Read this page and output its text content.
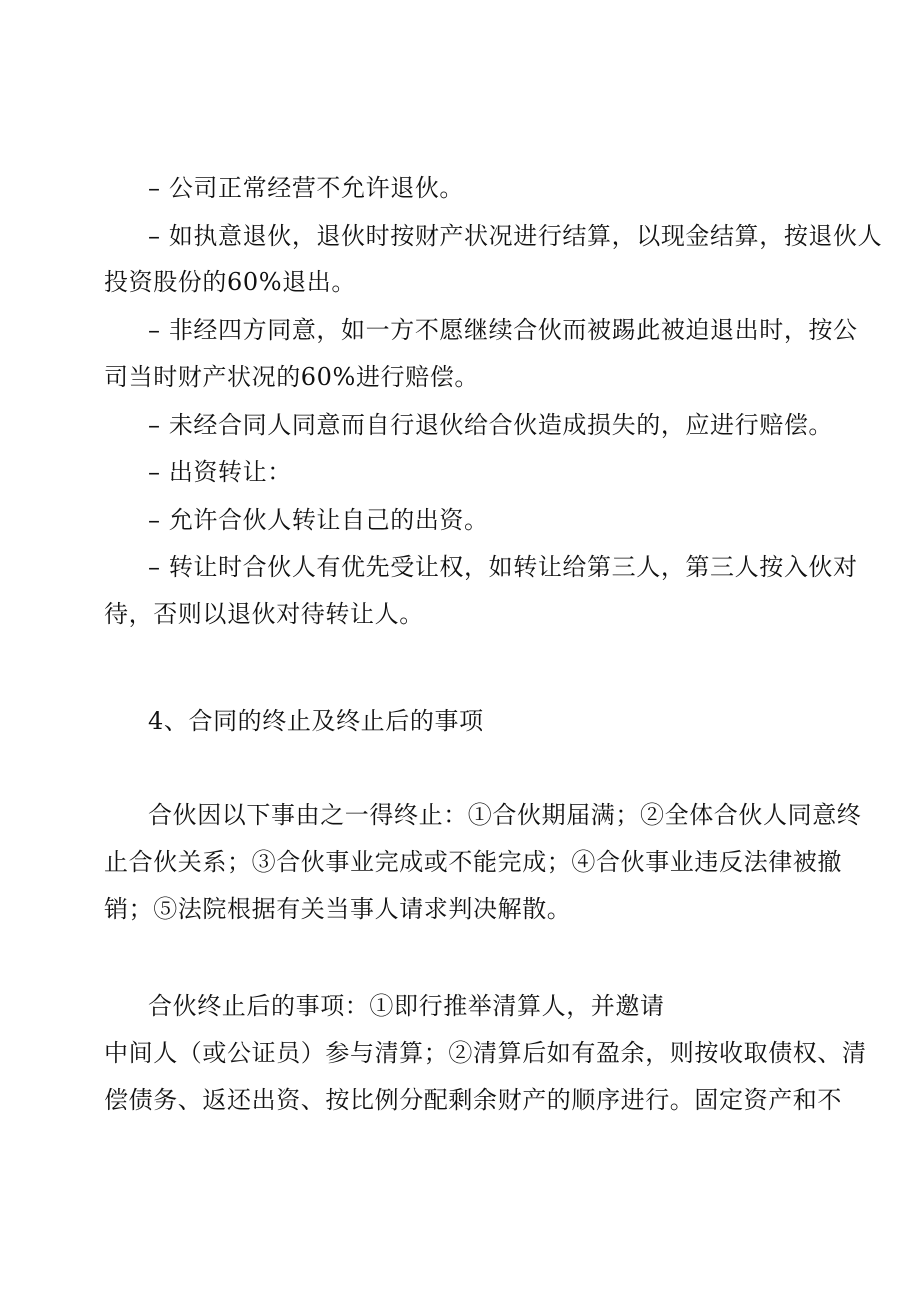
– 公司正常经营不允许退伙。
– 如执意退伙，退伙时按财产状况进行结算，以现金结算，按退伙人
投资股份的60%退出。
– 非经四方同意，如一方不愿继续合伙而被踢此被迫退出时，按公
司当时财产状况的60%进行赔偿。
– 未经合同人同意而自行退伙给合伙造成损失的，应进行赔偿。
– 出资转让：
– 允许合伙人转让自己的出资。
– 转让时合伙人有优先受让权，如转让给第三人，第三人按入伙对
待，否则以退伙对待转让人。
4、合同的终止及终止后的事项
合伙因以下事由之一得终止：①合伙期届满；②全体合伙人同意终
止合伙关系；③合伙事业完成或不能完成；④合伙事业违反法律被撤
销；⑤法院根据有关当事人请求判决解散。
合伙终止后的事项：①即行推举清算人，并邀请
中间人（或公证员）参与清算；②清算后如有盈余，则按收取债权、清
偿债务、返还出资、按比例分配剩余财产的顺序进行。固定资产和不
